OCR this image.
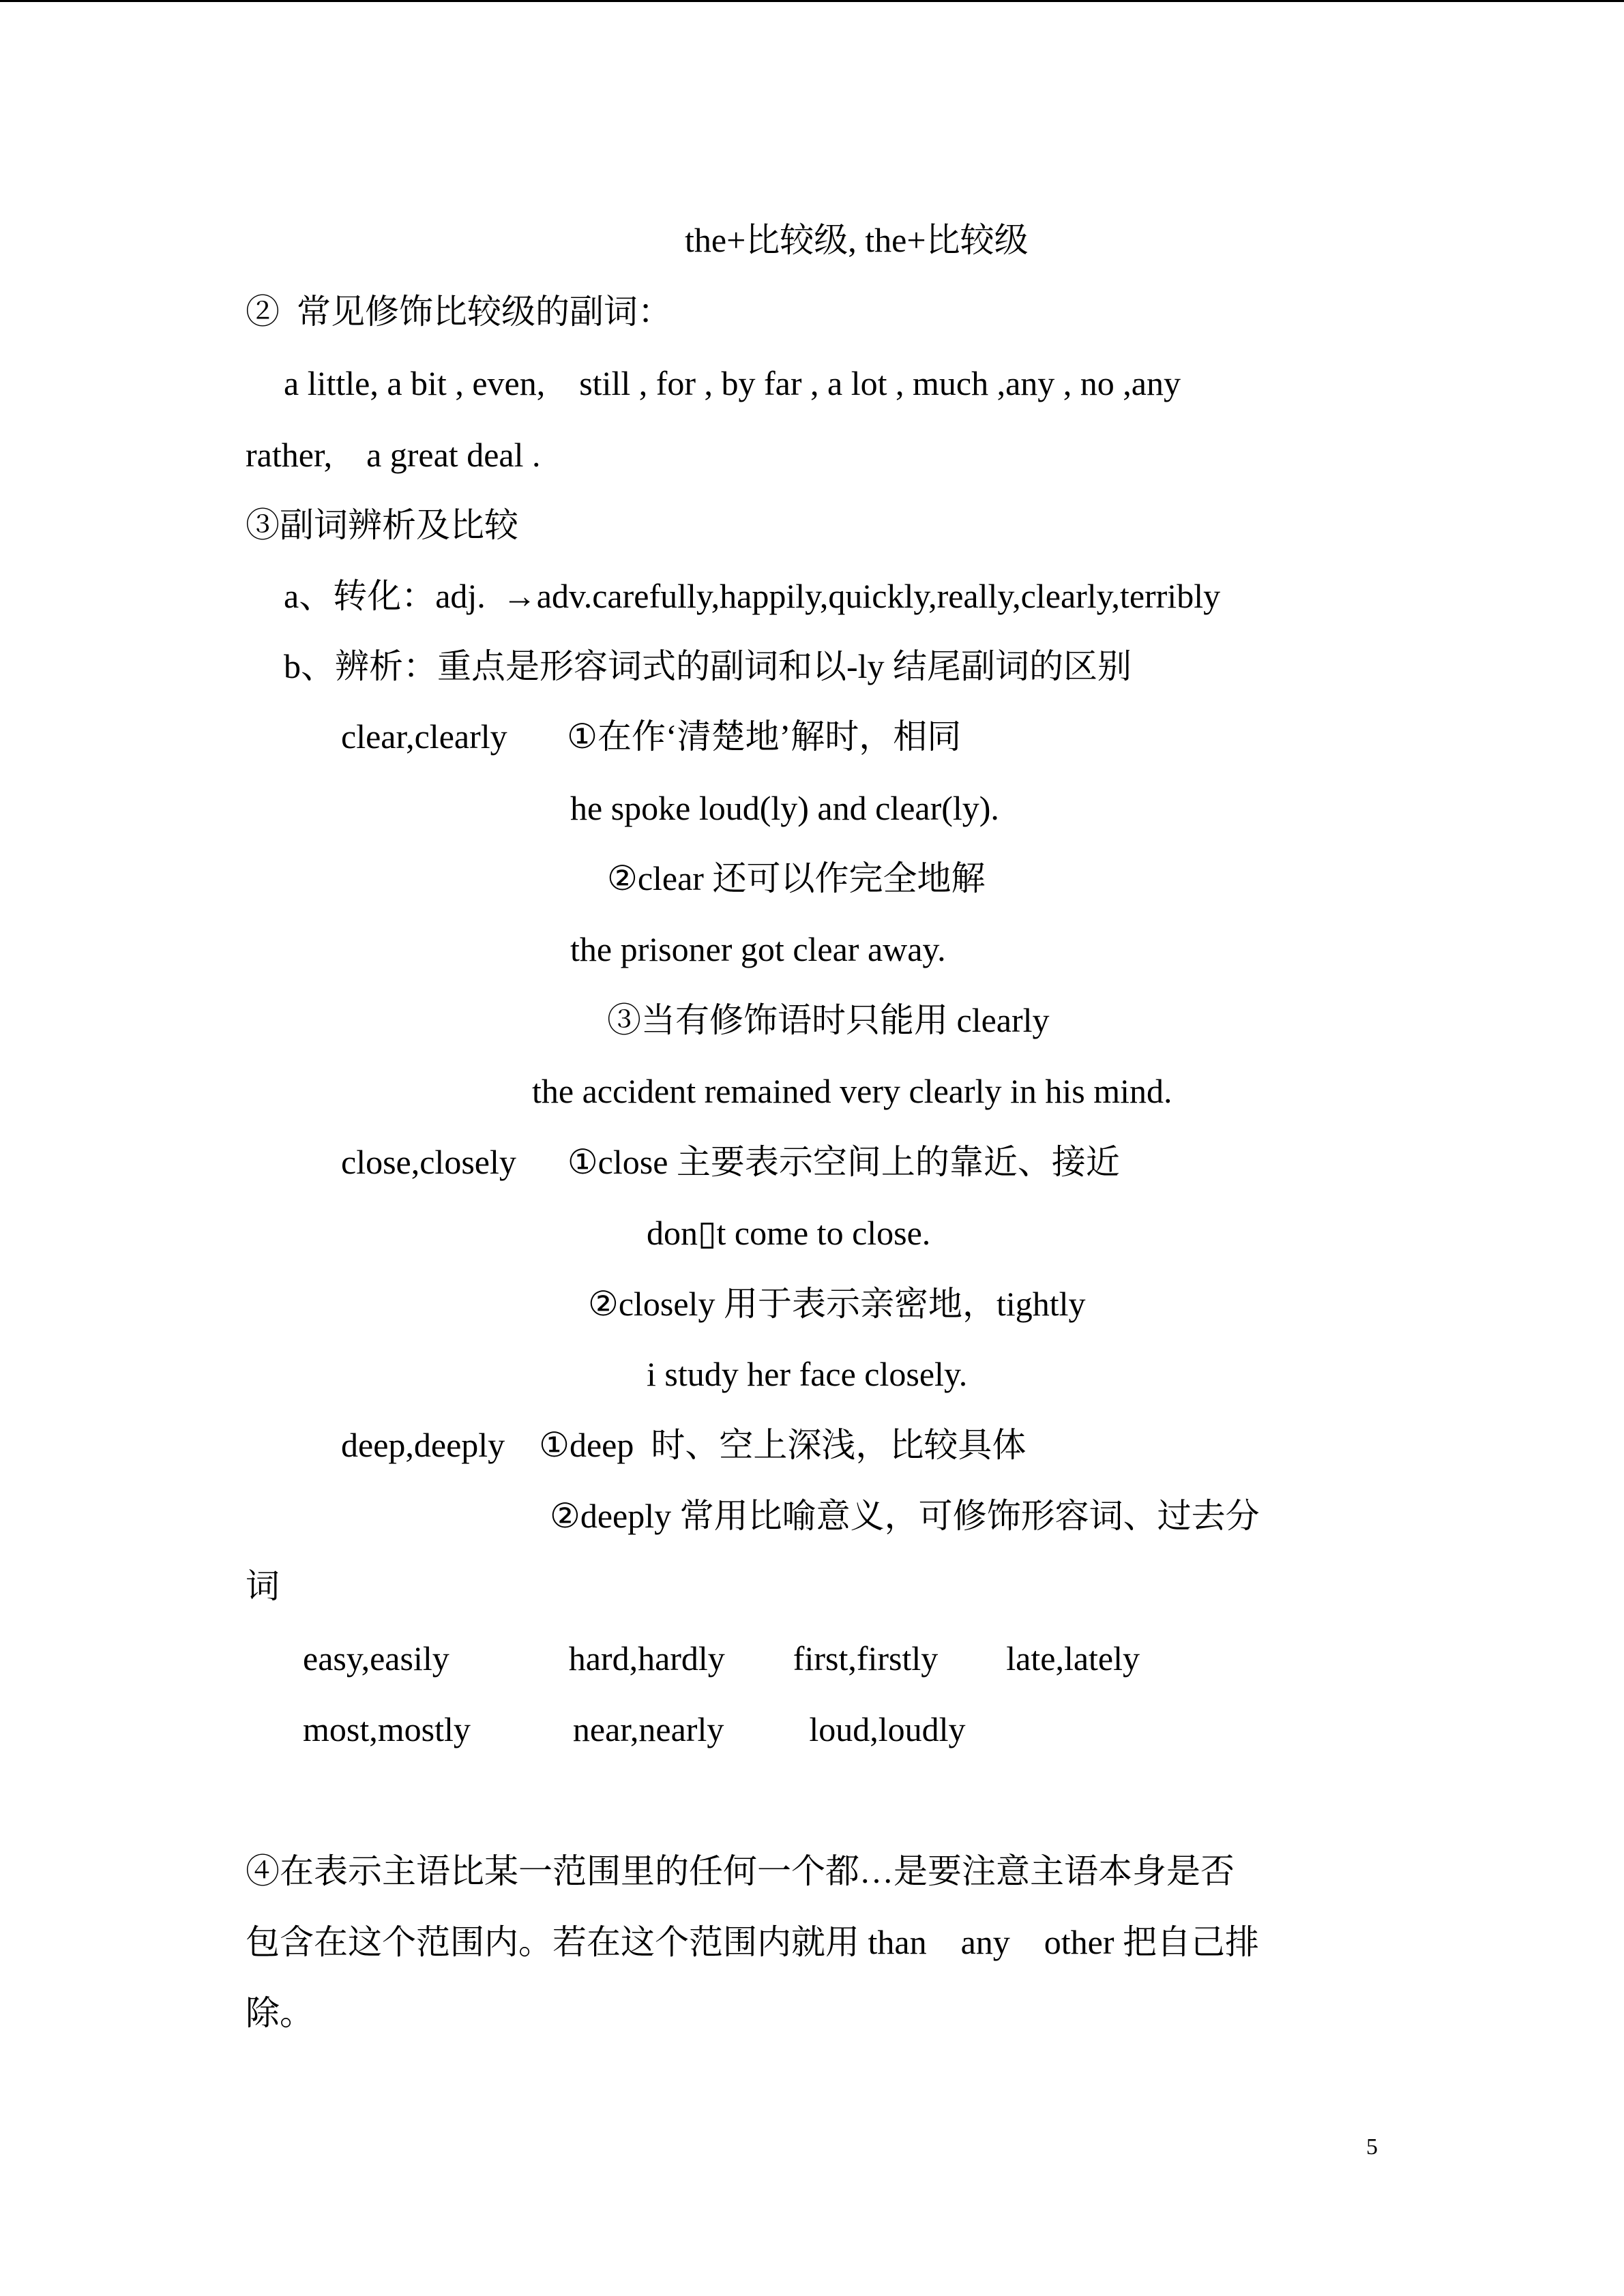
the+比较级, the+比较级
②  常见修饰比较级的副词：
a little, a bit , even,    still , for , by far , a lot , much ,any , no ,any
rather,    a great deal .
③副词辨析及比较
a、转化：adj.  →adv.carefully,happily,quickly,really,clearly,terribly
b、辨析：重点是形容词式的副词和以-ly 结尾副词的区别
clear,clearly       ①在作‘清楚地’解时，相同
he spoke loud(ly) and clear(ly).
②clear 还可以作完全地解
the prisoner got clear away.
③当有修饰语时只能用 clearly
the accident remained very clearly in his mind.
close,closely      ①close 主要表示空间上的靠近、接近
don▯t come to close.
②closely 用于表示亲密地，tightly
i study her face closely.
deep,deeply    ①deep  时、空上深浅，比较具体
②deeply 常用比喻意义，可修饰形容词、过去分
词
easy,easily              hard,hardly        first,firstly        late,lately
most,mostly            near,nearly          loud,loudly
④在表示主语比某一范围里的任何一个都…是要注意主语本身是否
包含在这个范围内。若在这个范围内就用 than    any    other 把自己排
除。
5
